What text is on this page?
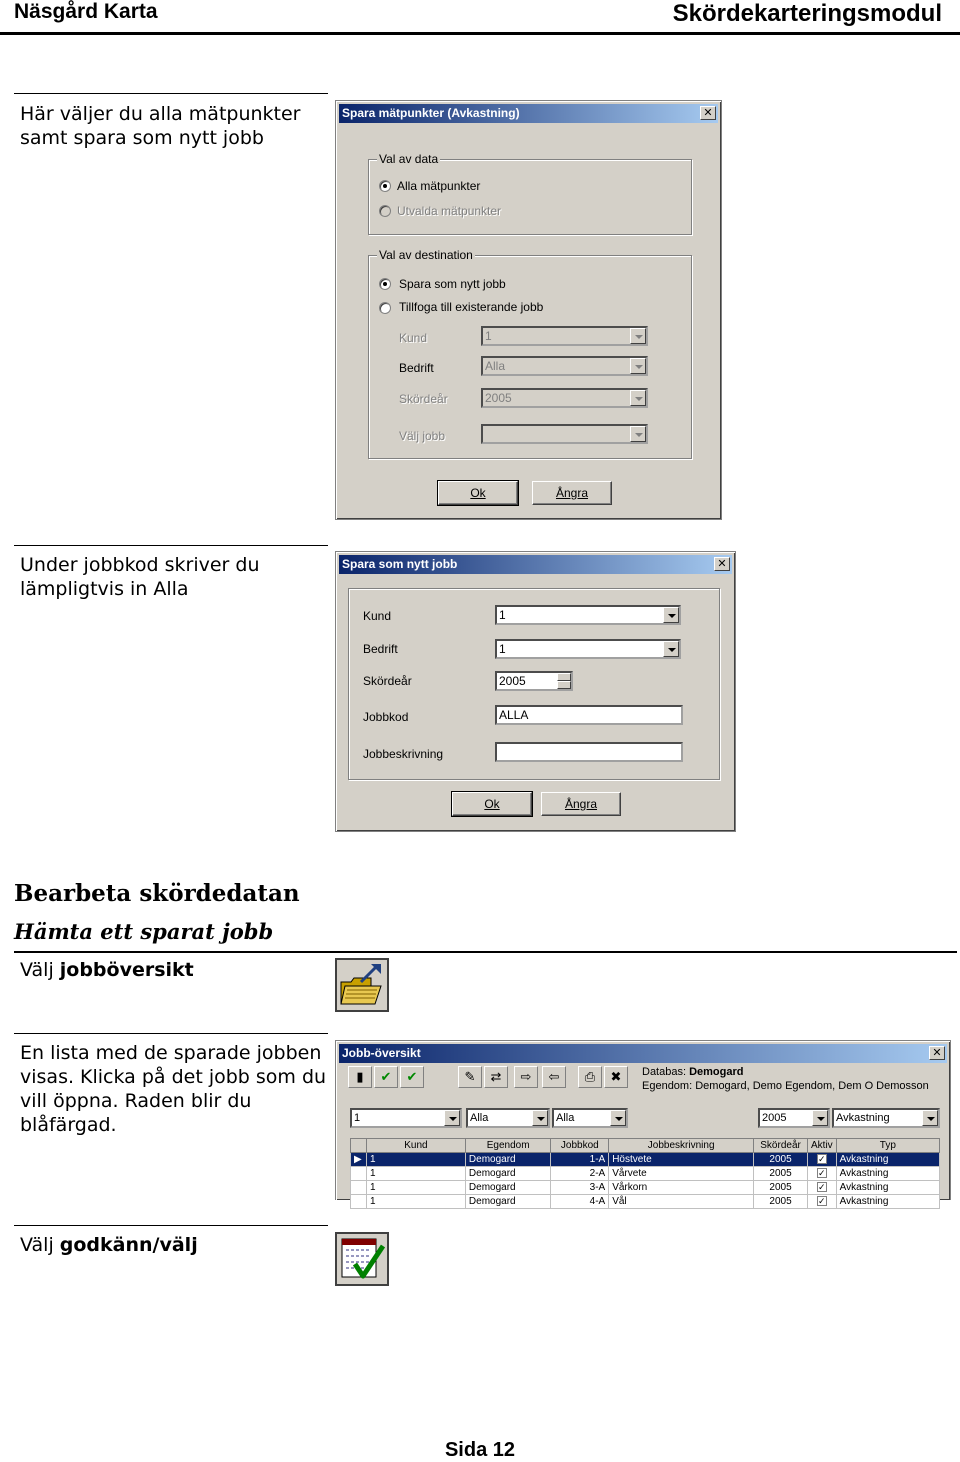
Näsgård Karta	Skördekarteringsmodul
Här väljer du alla mätpunkter samt spara som nytt jobb
Spara mätpunkter (Avkastning)	✕
Val av data
Alla mätpunkter
Utvalda mätpunkter
Val av destination
Spara som nytt jobb
Tillfoga till existerande jobb
Kund	1
Bedrift	Alla
Skördeår	2005
Välj jobb
Ok	Ångra
Under jobbkod skriver du lämpligtvis in Alla
Spara som nytt jobb	✕
Kund	1
Bedrift	1
Skördeår	2005
Jobbkod	ALLA
Jobbeskrivning
Ok	Ångra
Bearbeta skördedatan
Hämta ett sparat jobb
Välj jobböversikt
En lista med de sparade jobben visas. Klicka på det jobb som du vill öppna. Raden blir du blåfärgad.
Jobb-översikt	✕
▮	✔	✔	✎	⇄	⇨	⇦	⎙	✖	Databas: Demogard
Egendom: Demogard, Demo Egendom, Dem O Demosson
1	Alla	Alla	2005	Avkastning
	Kund	Egendom	Jobbkod	Jobbeskrivning	Skördeår	Aktiv	Typ
▶	1	Demogard	1-A	Höstvete	2005	✓	Avkastning
	1	Demogard	2-A	Vårvete	2005	✓	Avkastning
	1	Demogard	3-A	Vårkorn	2005	✓	Avkastning
	1	Demogard	4-A	Vål	2005	✓	Avkastning
Välj godkänn/välj
Sida 12
